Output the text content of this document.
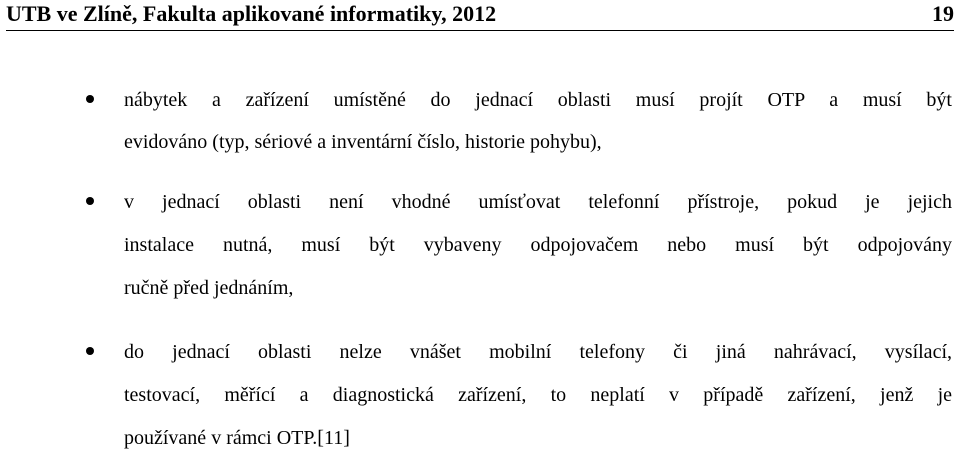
UTB ve Zlíně, Fakulta aplikované informatiky, 2012	19
nábytek a zařízení umístěné do jednací oblasti musí projít OTP a musí být
evidováno (typ, sériové a inventární číslo, historie pohybu),
v jednací oblasti není vhodné umísťovat telefonní přístroje, pokud je jejich
instalace nutná, musí být vybaveny odpojovačem nebo musí být odpojovány
ručně před jednáním,
do jednací oblasti nelze vnášet mobilní telefony či jiná nahrávací, vysílací,
testovací, měřící a diagnostická zařízení, to neplatí v případě zařízení, jenž je
používané v rámci OTP.[11]
